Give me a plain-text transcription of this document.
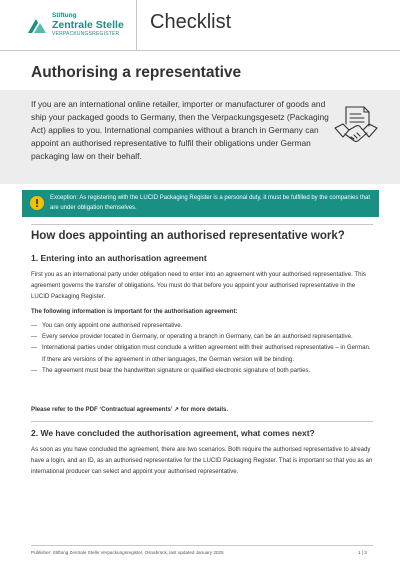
Stiftung
Zentrale Stelle
VERPACKUNGSREGISTER
Checklist
Authorising a representative

If you are an international online retailer, importer or manufacturer of goods and ship your packaged goods to Germany, then the Verpackungsgesetz (Packaging Act) applies to you. International companies without a branch in Germany can appoint an authorised representative to fulfil their obligations under German packaging law on their behalf.

Exception: As registering with the LUCID Packaging Register is a personal duty, it must be fulfilled by the companies that are under obligation themselves.

How does appointing an authorised representative work?
1. Entering into an authorisation agreement

First you as an international party under obligation need to enter into an agreement with your authorised representative. This agreement governs the transfer of obligations. You must do that before you appoint your authorised representative in the LUCID Packaging Register.

The following information is important for the authorisation agreement:

— You can only appoint one authorised representative.
— Every service provider located in Germany, or operating a branch in Germany, can be an authorised representative.
— International parties under obligation must conclude a written agreement with their authorised representative – in German. If there are versions of the agreement in other languages, the German version will be binding.
— The agreement must bear the handwritten signature or qualified electronic signature of both parties.

Please refer to the PDF ‘Contractual agreements’ ↗ for more details.

2. We have concluded the authorisation agreement, what comes next?

As soon as you have concluded the agreement, there are two scenarios. Both require the authorised representative to already have a login, and an ID, as an authorised representative for the LUCID Packaging Register. That is important so that you as an international producer can select and appoint your authorised representative.

Publisher: Stiftung Zentrale Stelle Verpackungsregister, Osnabrück, last updated January 2025	1 | 3
